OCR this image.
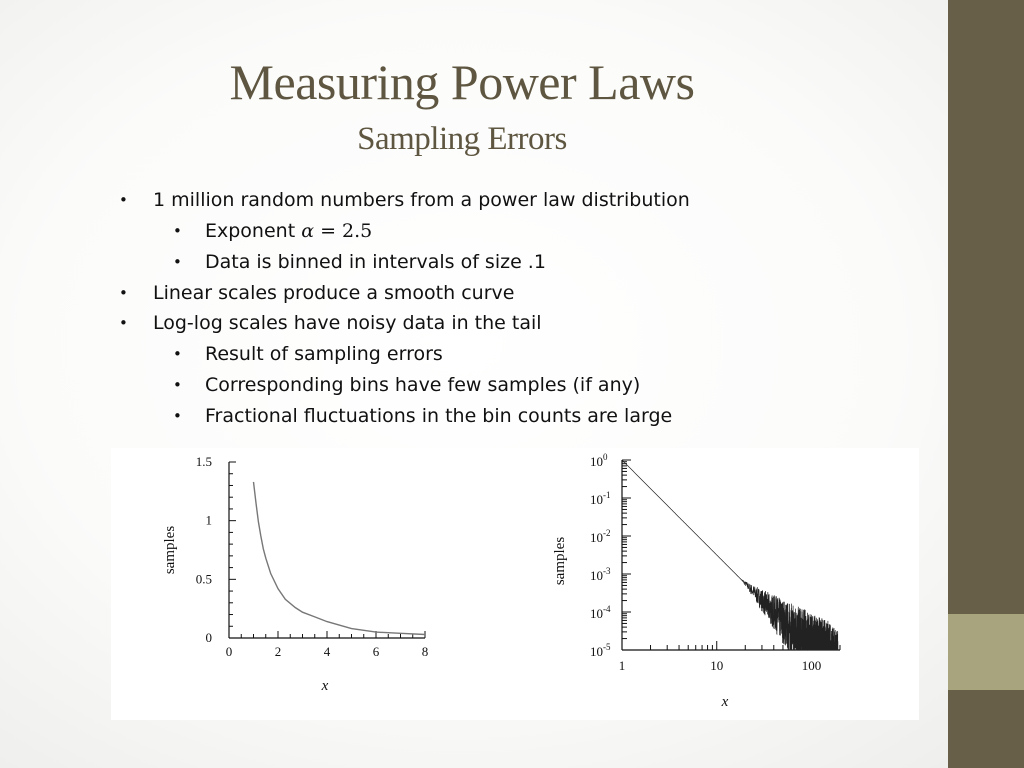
Measuring Power Laws
Sampling Errors
• 1 million random numbers from a power law distribution
• Exponent α = 2.5
• Data is binned in intervals of size .1
• Linear scales produce a smooth curve
• Log-log scales have noisy data in the tail
• Result of sampling errors
• Corresponding bins have few samples (if any)
• Fractional fluctuations in the bin counts are large
0	2	4	6	8
0
0.5
1
1.5
x
samples
1	10	100
$10^0$
$10^{-1}$
$10^{-2}$
$10^{-3}$
$10^{-4}$
$10^{-5}$
x
samples
